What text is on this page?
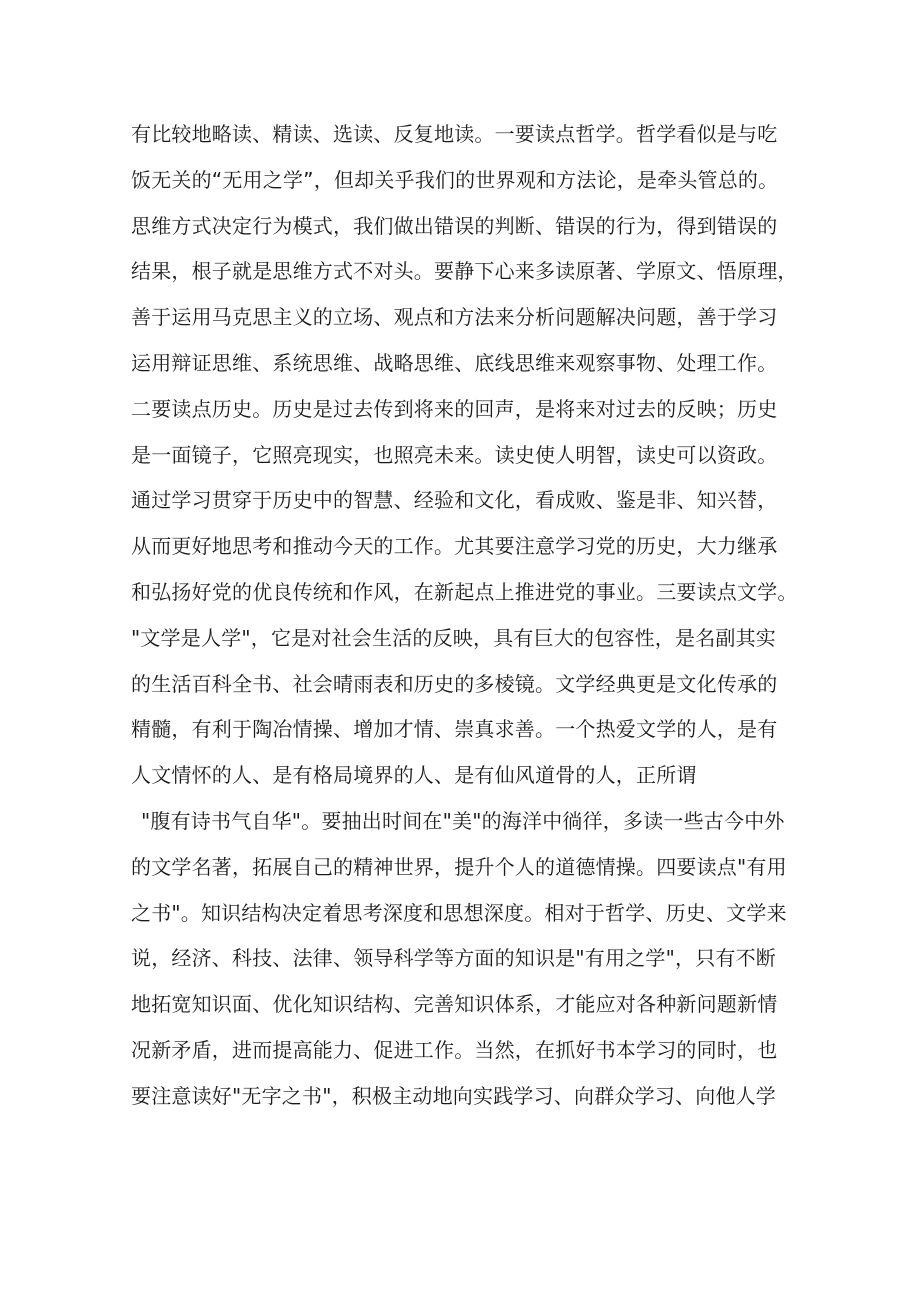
有比较地略读、精读、选读、反复地读。一要读点哲学。哲学看似是与吃
饭无关的“无用之学”，但却关乎我们的世界观和方法论，是牵头管总的。
思维方式决定行为模式，我们做出错误的判断、错误的行为，得到错误的
结果，根子就是思维方式不对头。要静下心来多读原著、学原文、悟原理，
善于运用马克思主义的立场、观点和方法来分析问题解决问题，善于学习
运用辩证思维、系统思维、战略思维、底线思维来观察事物、处理工作。
二要读点历史。历史是过去传到将来的回声，是将来对过去的反映；历史
是一面镜子，它照亮现实，也照亮未来。读史使人明智，读史可以资政。
通过学习贯穿于历史中的智慧、经验和文化，看成败、鉴是非、知兴替，
从而更好地思考和推动今天的工作。尤其要注意学习党的历史，大力继承
和弘扬好党的优良传统和作风，在新起点上推进党的事业。三要读点文学。
"文学是人学"，它是对社会生活的反映，具有巨大的包容性，是名副其实
的生活百科全书、社会晴雨表和历史的多棱镜。文学经典更是文化传承的
精髓，有利于陶冶情操、增加才情、崇真求善。一个热爱文学的人，是有
人文情怀的人、是有格局境界的人、是有仙风道骨的人，正所谓
"腹有诗书气自华"。要抽出时间在"美"的海洋中徜徉，多读一些古今中外
的文学名著，拓展自己的精神世界，提升个人的道德情操。四要读点"有用
之书"。知识结构决定着思考深度和思想深度。相对于哲学、历史、文学来
说，经济、科技、法律、领导科学等方面的知识是"有用之学"，只有不断
地拓宽知识面、优化知识结构、完善知识体系，才能应对各种新问题新情
况新矛盾，进而提高能力、促进工作。当然，在抓好书本学习的同时，也
要注意读好"无字之书"，积极主动地向实践学习、向群众学习、向他人学
